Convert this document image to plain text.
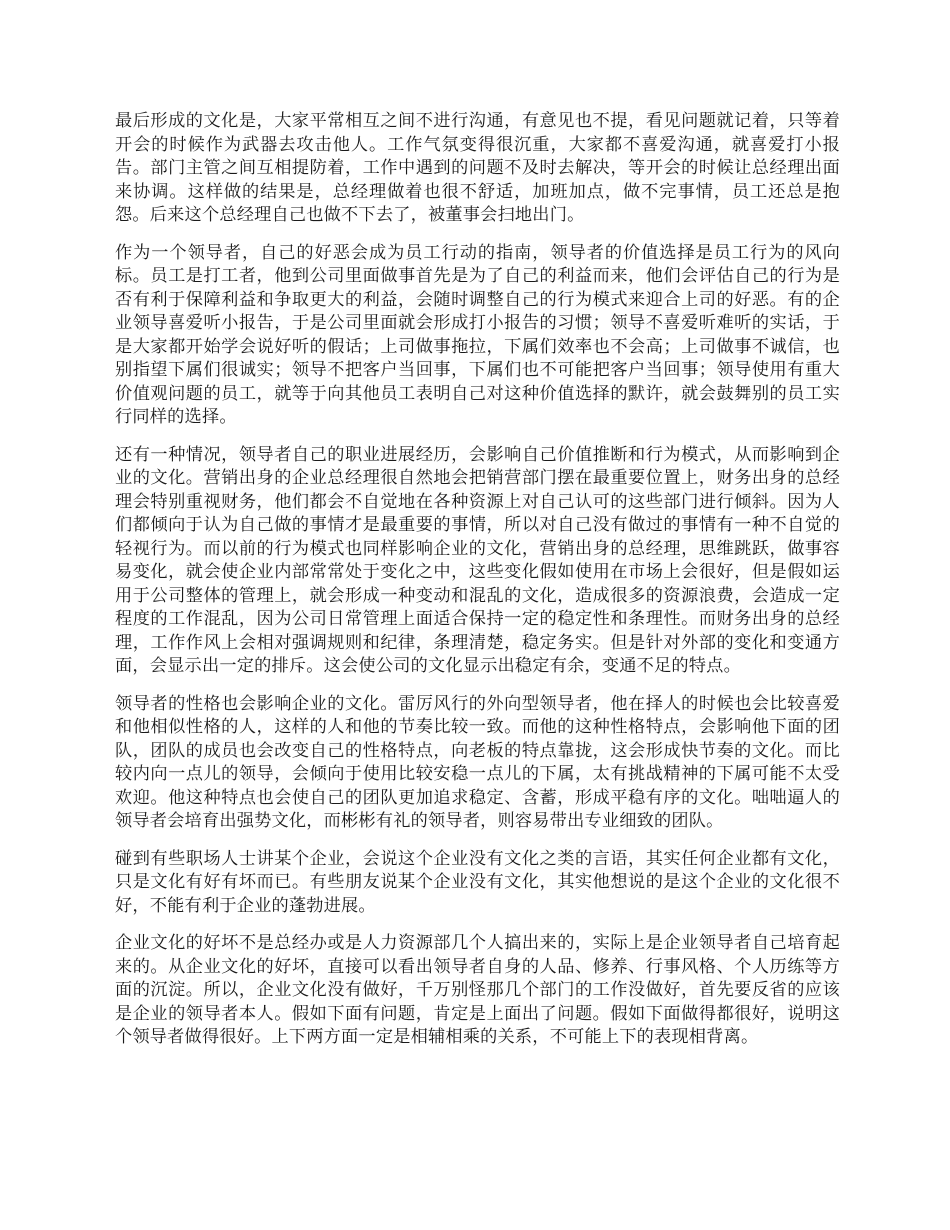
最后形成的文化是，大家平常相互之间不进行沟通，有意见也不提，看见问题就记着，只等着开会的时候作为武器去攻击他人。工作气氛变得很沉重，大家都不喜爱沟通，就喜爱打小报告。部门主管之间互相提防着，工作中遇到的问题不及时去解决，等开会的时候让总经理出面来协调。这样做的结果是，总经理做着也很不舒适，加班加点，做不完事情，员工还总是抱怨。后来这个总经理自己也做不下去了，被董事会扫地出门。

作为一个领导者，自己的好恶会成为员工行动的指南，领导者的价值选择是员工行为的风向标。员工是打工者，他到公司里面做事首先是为了自己的利益而来，他们会评估自己的行为是否有利于保障利益和争取更大的利益，会随时调整自己的行为模式来迎合上司的好恶。有的企业领导喜爱听小报告，于是公司里面就会形成打小报告的习惯；领导不喜爱听难听的实话，于是大家都开始学会说好听的假话；上司做事拖拉，下属们效率也不会高；上司做事不诚信，也别指望下属们很诚实；领导不把客户当回事，下属们也不可能把客户当回事；领导使用有重大价值观问题的员工，就等于向其他员工表明自己对这种价值选择的默许，就会鼓舞别的员工实行同样的选择。

还有一种情况，领导者自己的职业进展经历，会影响自己价值推断和行为模式，从而影响到企业的文化。营销出身的企业总经理很自然地会把销营部门摆在最重要位置上，财务出身的总经理会特别重视财务，他们都会不自觉地在各种资源上对自己认可的这些部门进行倾斜。因为人们都倾向于认为自己做的事情才是最重要的事情，所以对自己没有做过的事情有一种不自觉的轻视行为。而以前的行为模式也同样影响企业的文化，营销出身的总经理，思维跳跃，做事容易变化，就会使企业内部常常处于变化之中，这些变化假如使用在市场上会很好，但是假如运用于公司整体的管理上，就会形成一种变动和混乱的文化，造成很多的资源浪费，会造成一定程度的工作混乱，因为公司日常管理上面适合保持一定的稳定性和条理性。而财务出身的总经理，工作作风上会相对强调规则和纪律，条理清楚，稳定务实。但是针对外部的变化和变通方面，会显示出一定的排斥。这会使公司的文化显示出稳定有余，变通不足的特点。

领导者的性格也会影响企业的文化。雷厉风行的外向型领导者，他在择人的时候也会比较喜爱和他相似性格的人，这样的人和他的节奏比较一致。而他的这种性格特点，会影响他下面的团队，团队的成员也会改变自己的性格特点，向老板的特点靠拢，这会形成快节奏的文化。而比较内向一点儿的领导，会倾向于使用比较安稳一点儿的下属，太有挑战精神的下属可能不太受欢迎。他这种特点也会使自己的团队更加追求稳定、含蓄，形成平稳有序的文化。咄咄逼人的领导者会培育出强势文化，而彬彬有礼的领导者，则容易带出专业细致的团队。

碰到有些职场人士讲某个企业，会说这个企业没有文化之类的言语，其实任何企业都有文化，只是文化有好有坏而已。有些朋友说某个企业没有文化，其实他想说的是这个企业的文化很不好，不能有利于企业的蓬勃进展。

企业文化的好坏不是总经办或是人力资源部几个人搞出来的，实际上是企业领导者自己培育起来的。从企业文化的好坏，直接可以看出领导者自身的人品、修养、行事风格、个人历练等方面的沉淀。所以，企业文化没有做好，千万别怪那几个部门的工作没做好，首先要反省的应该是企业的领导者本人。假如下面有问题，肯定是上面出了问题。假如下面做得都很好，说明这个领导者做得很好。上下两方面一定是相辅相乘的关系，不可能上下的表现相背离。
